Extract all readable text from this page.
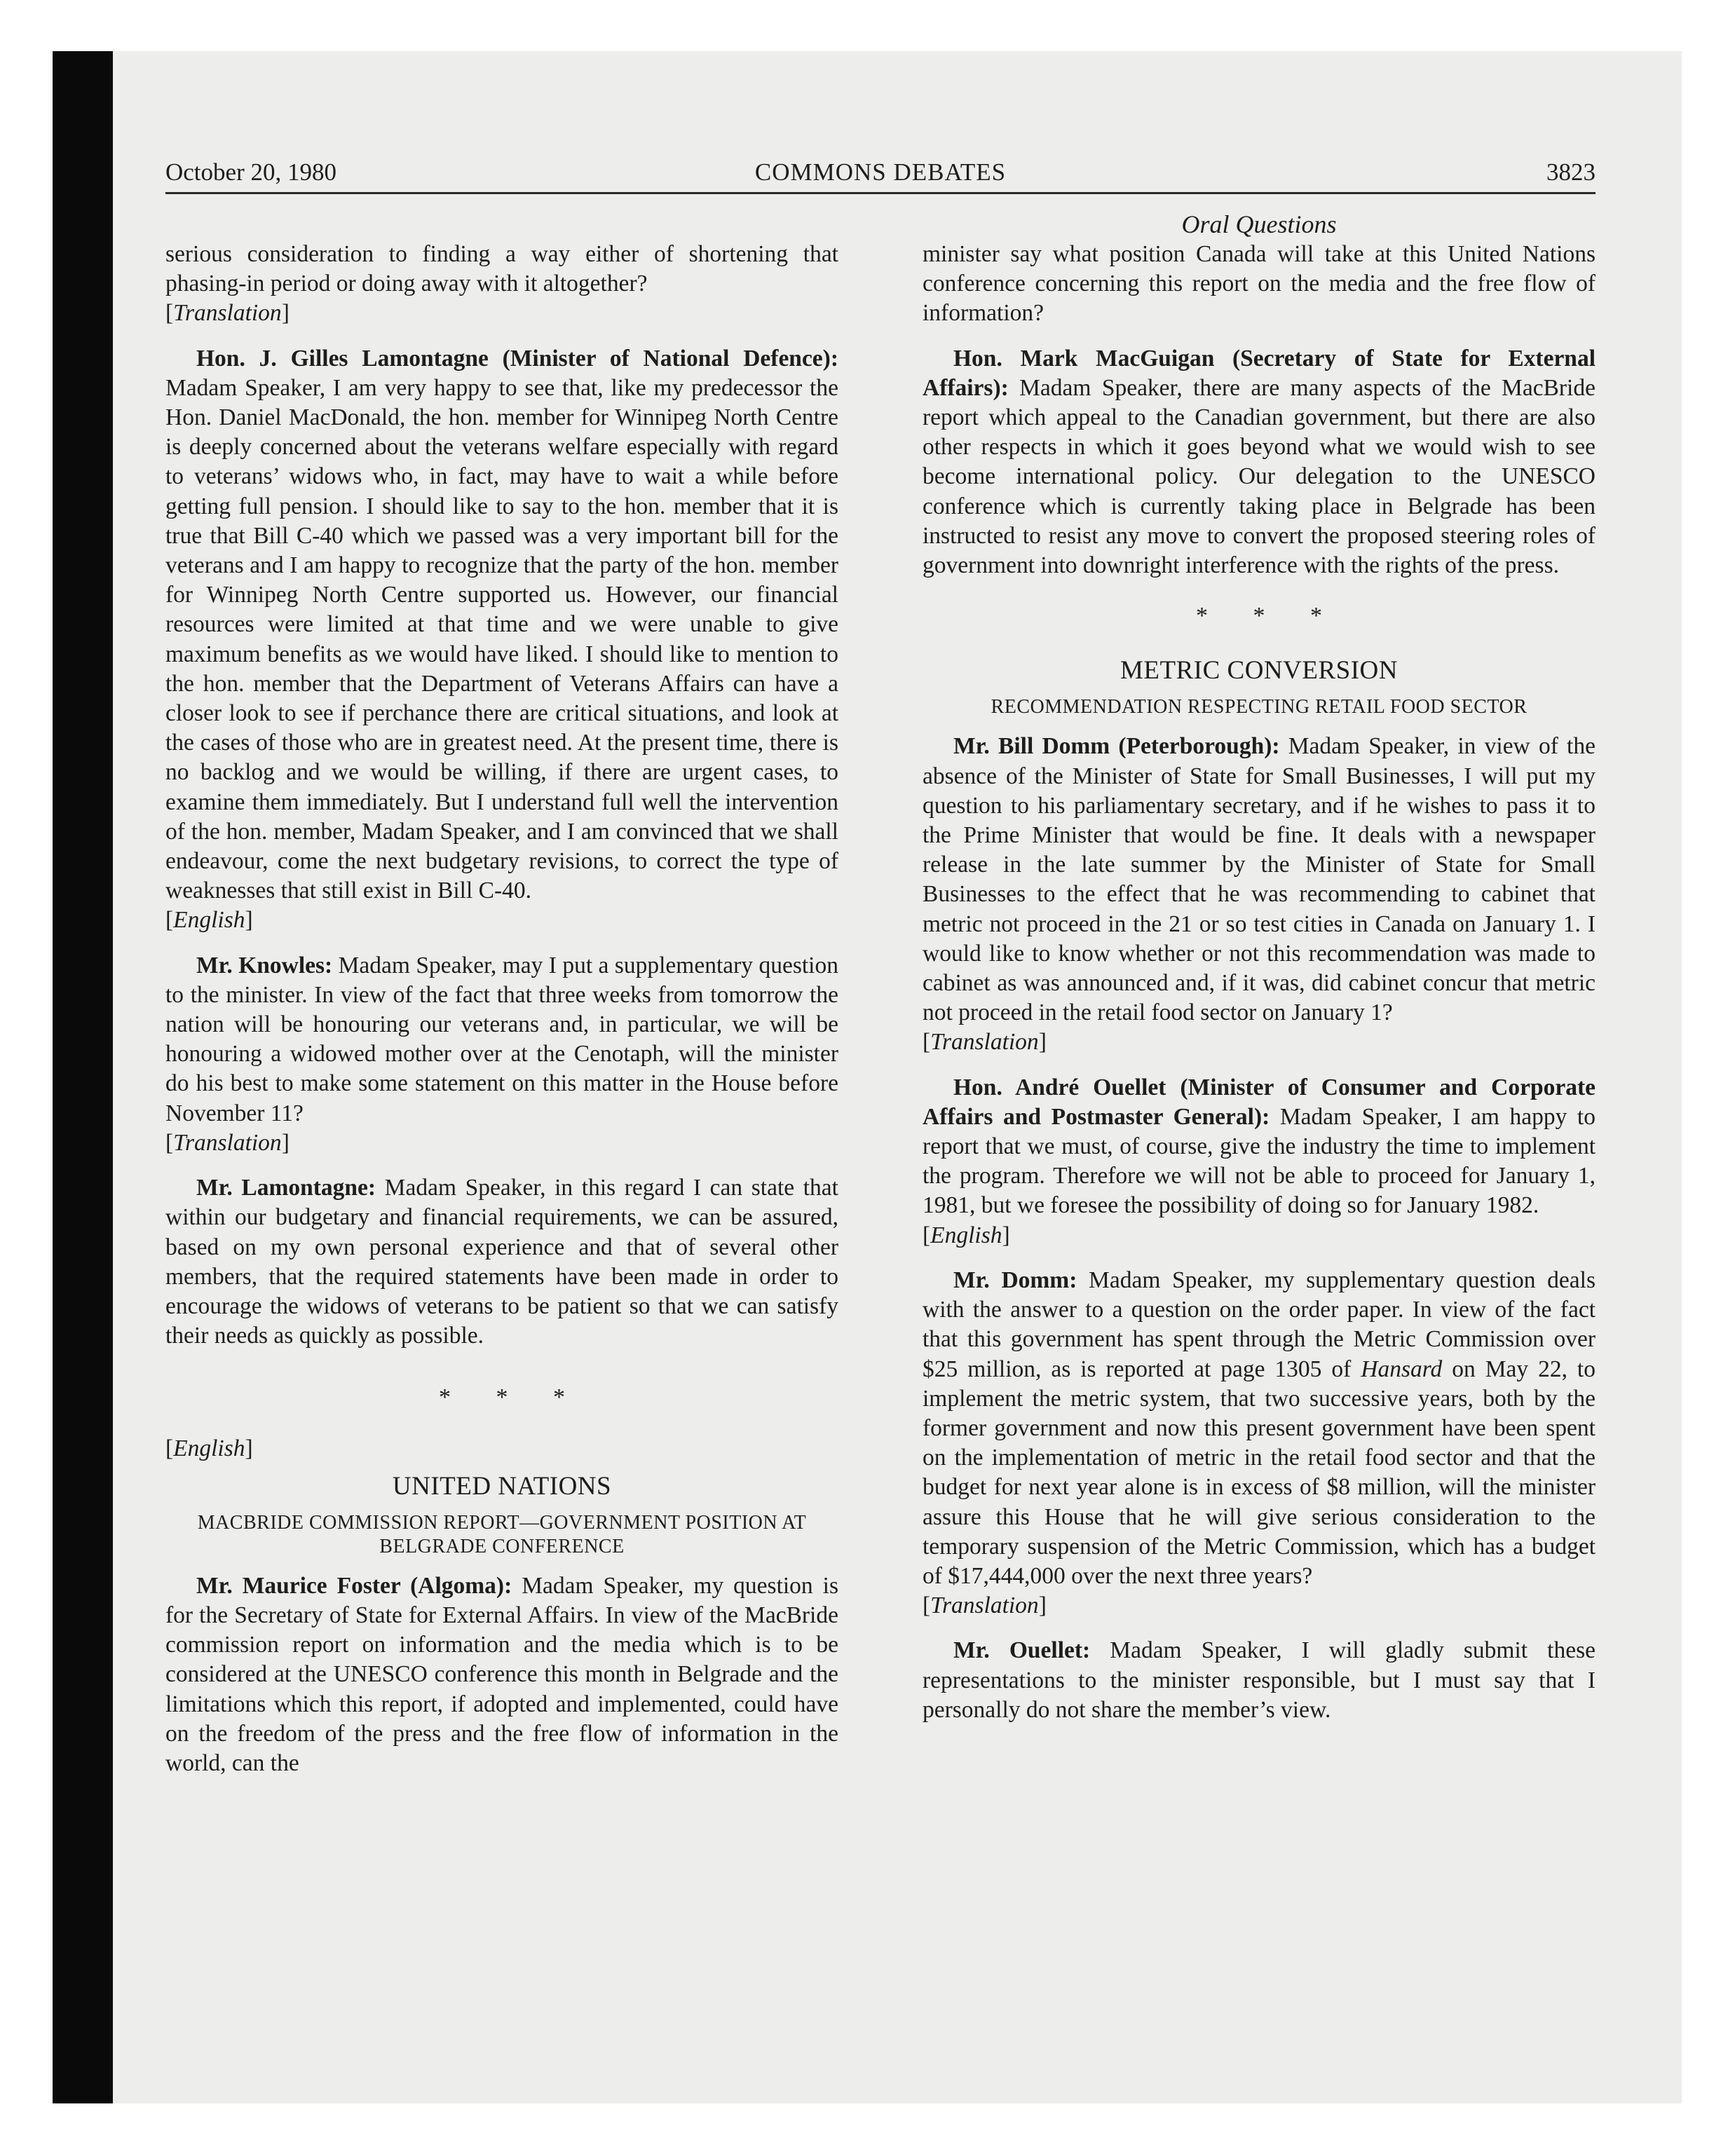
COMMONS DEBATES
October 20, 1980	3823
Oral Questions

serious consideration to finding a way either of shortening that phasing-in period or doing away with it altogether?

[Translation]

Hon. J. Gilles Lamontagne (Minister of National Defence): Madam Speaker, I am very happy to see that, like my predecessor the Hon. Daniel MacDonald, the hon. member for Winnipeg North Centre is deeply concerned about the veterans welfare especially with regard to veterans’ widows who, in fact, may have to wait a while before getting full pension. I should like to say to the hon. member that it is true that Bill C-40 which we passed was a very important bill for the veterans and I am happy to recognize that the party of the hon. member for Winnipeg North Centre supported us. However, our financial resources were limited at that time and we were unable to give maximum benefits as we would have liked. I should like to mention to the hon. member that the Department of Veterans Affairs can have a closer look to see if perchance there are critical situations, and look at the cases of those who are in greatest need. At the present time, there is no backlog and we would be willing, if there are urgent cases, to examine them immediately. But I understand full well the intervention of the hon. member, Madam Speaker, and I am convinced that we shall endeavour, come the next budgetary revisions, to correct the type of weaknesses that still exist in Bill C-40.

[English]

Mr. Knowles: Madam Speaker, may I put a supplementary question to the minister. In view of the fact that three weeks from tomorrow the nation will be honouring our veterans and, in particular, we will be honouring a widowed mother over at the Cenotaph, will the minister do his best to make some statement on this matter in the House before November 11?

[Translation]

Mr. Lamontagne: Madam Speaker, in this regard I can state that within our budgetary and financial requirements, we can be assured, based on my own personal experience and that of several other members, that the required statements have been made in order to encourage the widows of veterans to be patient so that we can satisfy their needs as quickly as possible.

* * *

[English]

UNITED NATIONS
MACBRIDE COMMISSION REPORT—GOVERNMENT POSITION AT BELGRADE CONFERENCE

Mr. Maurice Foster (Algoma): Madam Speaker, my question is for the Secretary of State for External Affairs. In view of the MacBride commission report on information and the media which is to be considered at the UNESCO conference this month in Belgrade and the limitations which this report, if adopted and implemented, could have on the freedom of the press and the free flow of information in the world, can the

minister say what position Canada will take at this United Nations conference concerning this report on the media and the free flow of information?

Hon. Mark MacGuigan (Secretary of State for External Affairs): Madam Speaker, there are many aspects of the MacBride report which appeal to the Canadian government, but there are also other respects in which it goes beyond what we would wish to see become international policy. Our delegation to the UNESCO conference which is currently taking place in Belgrade has been instructed to resist any move to convert the proposed steering roles of government into downright interference with the rights of the press.

* * *
METRIC CONVERSION
RECOMMENDATION RESPECTING RETAIL FOOD SECTOR

Mr. Bill Domm (Peterborough): Madam Speaker, in view of the absence of the Minister of State for Small Businesses, I will put my question to his parliamentary secretary, and if he wishes to pass it to the Prime Minister that would be fine. It deals with a newspaper release in the late summer by the Minister of State for Small Businesses to the effect that he was recommending to cabinet that metric not proceed in the 21 or so test cities in Canada on January 1. I would like to know whether or not this recommendation was made to cabinet as was announced and, if it was, did cabinet concur that metric not proceed in the retail food sector on January 1?

[Translation]

Hon. André Ouellet (Minister of Consumer and Corporate Affairs and Postmaster General): Madam Speaker, I am happy to report that we must, of course, give the industry the time to implement the program. Therefore we will not be able to proceed for January 1, 1981, but we foresee the possibility of doing so for January 1982.

[English]

Mr. Domm: Madam Speaker, my supplementary question deals with the answer to a question on the order paper. In view of the fact that this government has spent through the Metric Commission over $25 million, as is reported at page 1305 of Hansard on May 22, to implement the metric system, that two successive years, both by the former government and now this present government have been spent on the implementation of metric in the retail food sector and that the budget for next year alone is in excess of $8 million, will the minister assure this House that he will give serious consideration to the temporary suspension of the Metric Commission, which has a budget of $17,444,000 over the next three years?

[Translation]

Mr. Ouellet: Madam Speaker, I will gladly submit these representations to the minister responsible, but I must say that I personally do not share the member’s view.
